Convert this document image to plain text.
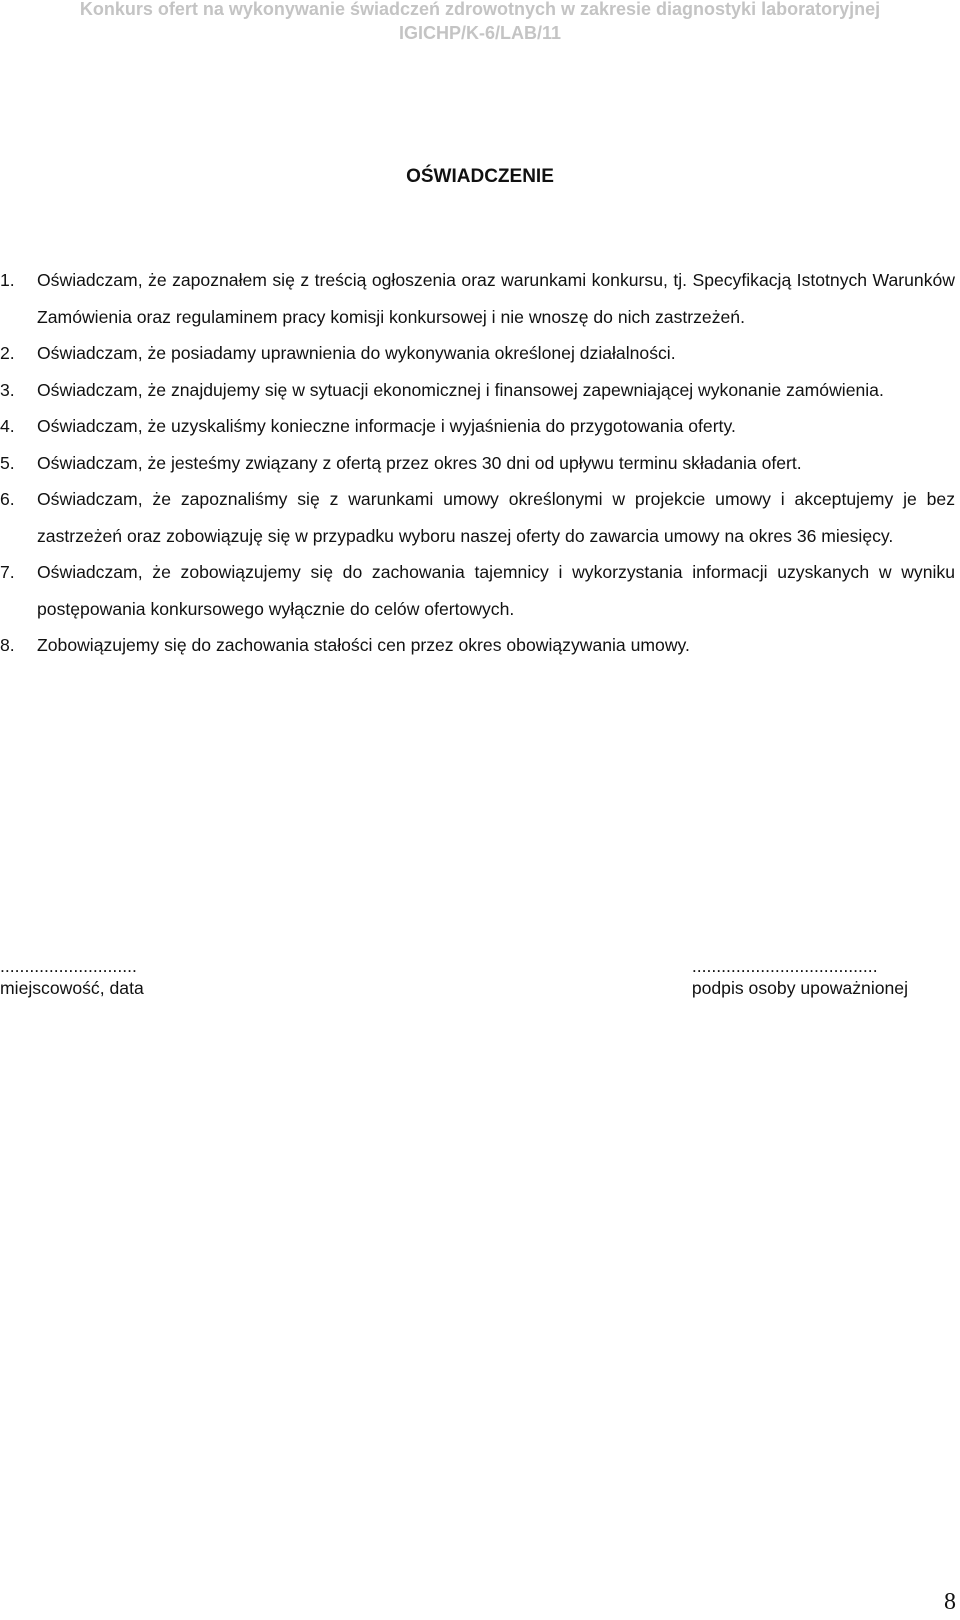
Konkurs ofert na wykonywanie świadczeń zdrowotnych w zakresie diagnostyki laboratoryjnej
IGICHP/K-6/LAB/11
OŚWIADCZENIE
1. Oświadczam, że zapoznałem się z treścią ogłoszenia oraz warunkami konkursu, tj. Specyfikacją Istotnych Warunków Zamówienia oraz regulaminem pracy komisji konkursowej i nie wnoszę do nich zastrzeżeń.
2. Oświadczam, że posiadamy uprawnienia do wykonywania określonej działalności.
3. Oświadczam, że znajdujemy się w sytuacji ekonomicznej i finansowej zapewniającej wykonanie zamówienia.
4. Oświadczam, że uzyskaliśmy konieczne informacje i wyjaśnienia do przygotowania oferty.
5. Oświadczam, że jesteśmy związany z ofertą przez okres 30 dni od upływu terminu składania ofert.
6. Oświadczam, że zapoznaliśmy się z warunkami umowy określonymi w projekcie umowy i akceptujemy je bez zastrzeżeń oraz zobowiązuję się w przypadku wyboru naszej oferty do zawarcia umowy na okres 36 miesięcy.
7. Oświadczam, że zobowiązujemy się do zachowania tajemnicy i wykorzystania informacji uzyskanych w wyniku postępowania konkursowego wyłącznie do celów ofertowych.
8. Zobowiązujemy się do zachowania stałości cen przez okres obowiązywania umowy.
............................
miejscowość, data
......................................
podpis osoby upoważnionej
8
